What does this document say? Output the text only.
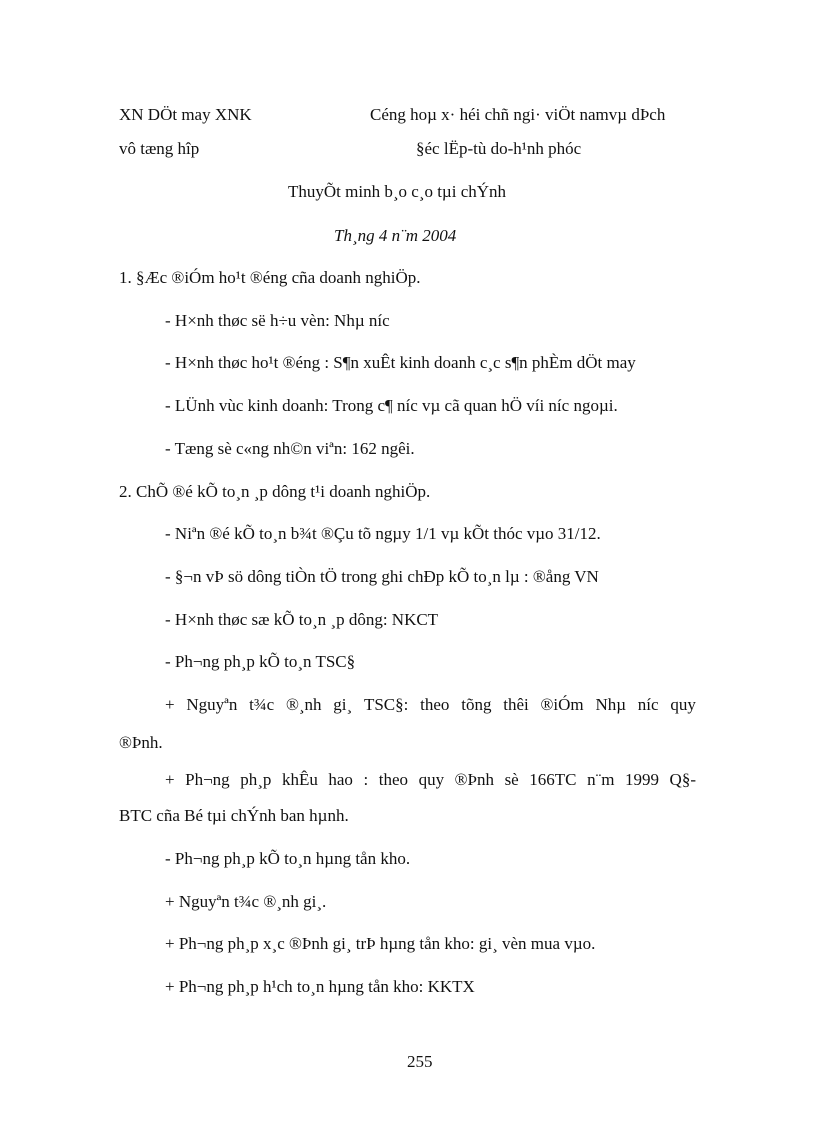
XN DÖt may XNK
vô tæng hîp
Céng hoµ x· héi chñ ngi· viÖt namvµ dÞch
§éc lËp-tù do-h¹nh phóc
ThuyÕt minh b¸o c¸o tµi chÝnh
Th¸ng 4 n¨m 2004
1. §Æc ®iÓm ho¹t ®éng cña doanh nghiÖp.
- H×nh thøc së h÷u vèn: Nhµ níc
- H×nh thøc ho¹t ®éng : S¶n xuÊt kinh doanh c¸c s¶n phÈm dÖt may
- LÜnh vùc kinh doanh: Trong c¶ níc vµ cã quan hÖ víi níc ngoµi.
- Tæng sè c«ng nh©n viªn: 162 ngêi.
2. ChÕ ®é kÕ to¸n ¸p dông t¹i doanh nghiÖp.
- Niªn ®é kÕ to¸n b¾t ®Çu tõ ngµy 1/1 vµ kÕt thóc vµo 31/12.
- §¬n vÞ sö dông tiÒn tÖ trong ghi chÐp kÕ to¸n lµ : ®ång VN
- H×nh thøc sæ kÕ to¸n ¸p dông: NKCT
- Ph¬ng ph¸p kÕ to¸n TSC§
+ Nguyªn t¾c ®¸nh gi¸ TSC§: theo tõng thêi ®iÓm Nhµ níc quy
®Þnh.
+ Ph¬ng ph¸p khÊu hao : theo quy ®Þnh sè 166TC n¨m 1999 Q§-
BTC cña Bé tµi chÝnh ban hµnh.
- Ph¬ng ph¸p kÕ to¸n hµng tån kho.
+ Nguyªn t¾c ®¸nh gi¸.
+ Ph¬ng ph¸p x¸c ®Þnh gi¸ trÞ hµng tån kho: gi¸ vèn mua vµo.
+ Ph¬ng ph¸p h¹ch to¸n hµng tån kho: KKTX
255
